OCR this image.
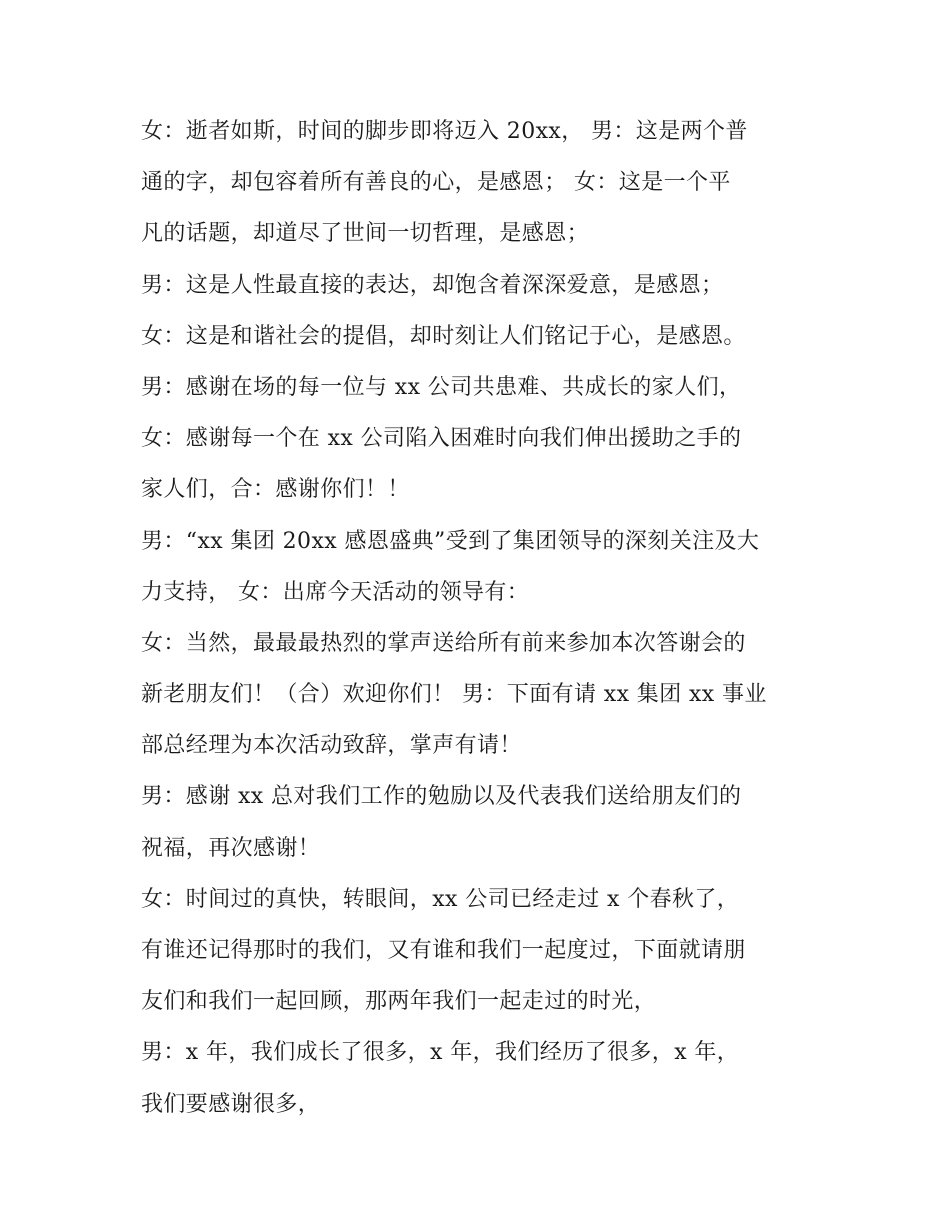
女：逝者如斯，时间的脚步即将迈入 20xx， 男：这是两个普
通的字，却包容着所有善良的心，是感恩； 女：这是一个平
凡的话题，却道尽了世间一切哲理，是感恩；
男：这是人性最直接的表达，却饱含着深深爱意，是感恩；
女：这是和谐社会的提倡，却时刻让人们铭记于心，是感恩。
男：感谢在场的每一位与 xx 公司共患难、共成长的家人们，
女：感谢每一个在 xx 公司陷入困难时向我们伸出援助之手的
家人们，合：感谢你们！！
男：“xx 集团 20xx 感恩盛典”受到了集团领导的深刻关注及大
力支持， 女：出席今天活动的领导有：
女：当然，最最最热烈的掌声送给所有前来参加本次答谢会的
新老朋友们！（合）欢迎你们！ 男：下面有请 xx 集团 xx 事业
部总经理为本次活动致辞，掌声有请！
男：感谢 xx 总对我们工作的勉励以及代表我们送给朋友们的
祝福，再次感谢！
女：时间过的真快，转眼间，xx 公司已经走过 x 个春秋了，
有谁还记得那时的我们，又有谁和我们一起度过，下面就请朋
友们和我们一起回顾，那两年我们一起走过的时光，
男：x 年，我们成长了很多，x 年，我们经历了很多，x 年，
我们要感谢很多，
